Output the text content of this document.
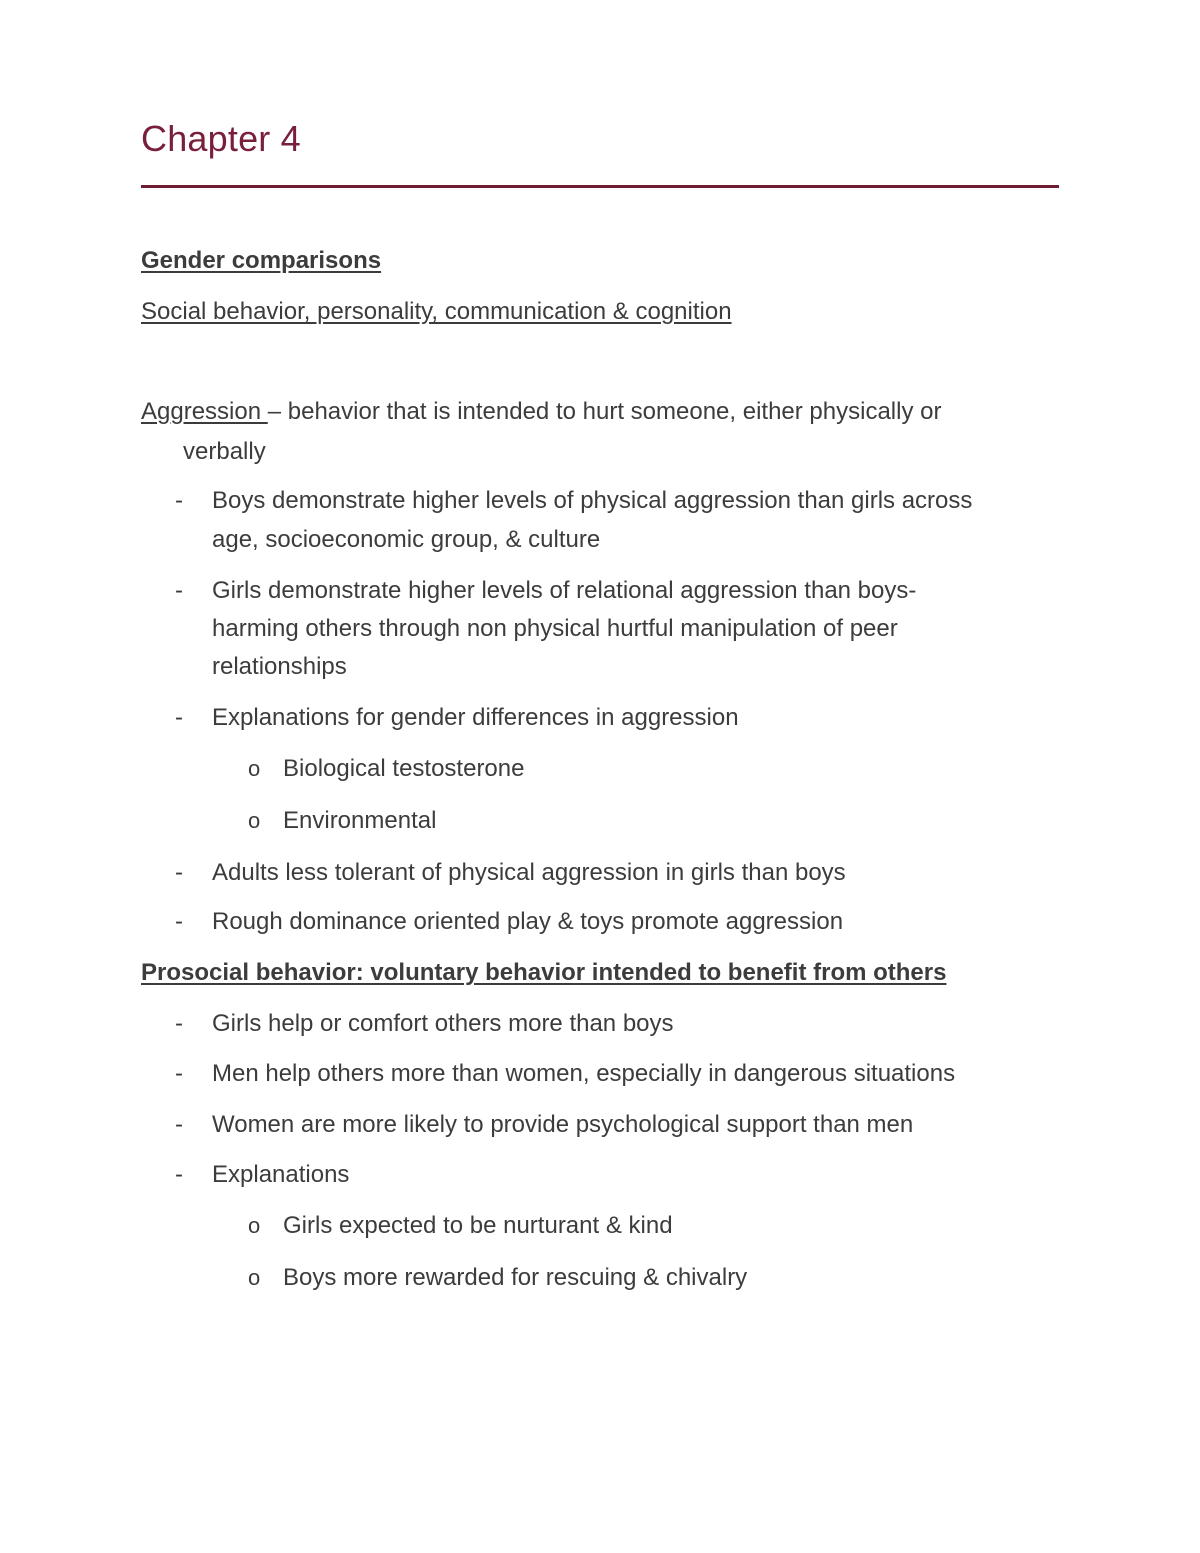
Chapter 4
Gender comparisons
Social behavior, personality, communication & cognition
Aggression – behavior that is intended to hurt someone, either physically or
verbally
- Boys demonstrate higher levels of physical aggression than girls across
age, socioeconomic group, & culture
- Girls demonstrate higher levels of relational aggression than boys-
harming others through non physical hurtful manipulation of peer
relationships
- Explanations for gender differences in aggression
o Biological testosterone
o Environmental
- Adults less tolerant of physical aggression in girls than boys
- Rough dominance oriented play & toys promote aggression
Prosocial behavior: voluntary behavior intended to benefit from others
- Girls help or comfort others more than boys
- Men help others more than women, especially in dangerous situations
- Women are more likely to provide psychological support than men
- Explanations
o Girls expected to be nurturant & kind
o Boys more rewarded for rescuing & chivalry
